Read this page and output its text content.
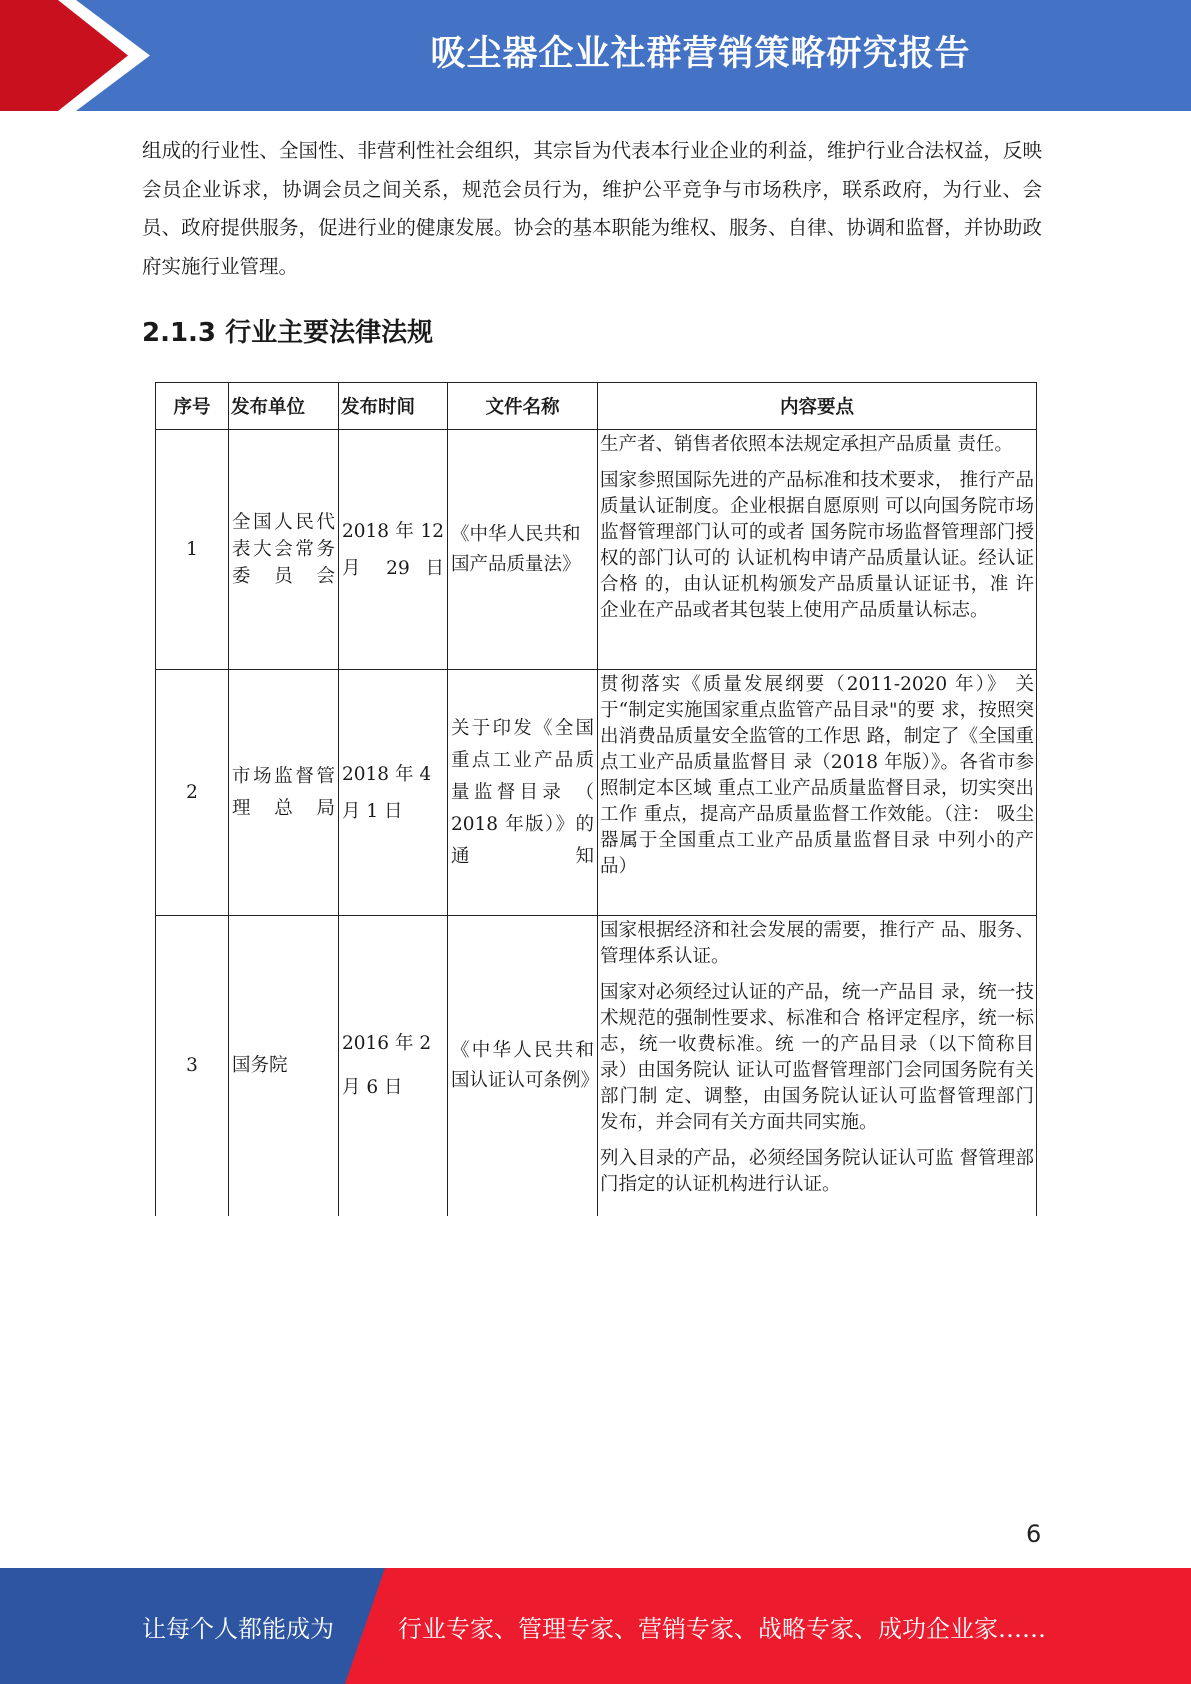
吸尘器企业社群营销策略研究报告

组成的行业性、全国性、非营利性社会组织，其宗旨为代表本行业企业的利益，维护行业合法权益，反映会员企业诉求，协调会员之间关系，规范会员行为，维护公平竞争与市场秩序，联系政府，为行业、会员、政府提供服务，促进行业的健康发展。协会的基本职能为维权、服务、自律、协调和监督，并协助政府实施行业管理。

2.1.3 行业主要法律法规
序号	发布单位	发布时间	文件名称	内容要点
1	全国人民代表大会常务委员会	2018 年 12 月 29 日	《中华人民共和国产品质量法》	生产者、销售者依照本法规定承担产品质量 责任。

国家参照国际先进的产品标准和技术要求， 推行产品质量认证制度。企业根据自愿原则 可以向国务院市场监督管理部门认可的或者 国务院市场监督管理部门授权的部门认可的 认证机构申请产品质量认证。经认证合格 的，由认证机构颁发产品质量认证证书，准 许企业在产品或者其包装上使用产品质量认标志。

2	市场监督管理总局	2018 年 4 月 1 日	关于印发《全国重点工业产品质量监督目录 （ 2018 年版）》的通知	贯彻落实《质量发展纲要（2011-2020 年）》 关于“制定实施国家重点监管产品目录"的要 求，按照突出消费品质量安全监管的工作思 路，制定了《全国重点工业产品质量监督目 录（2018 年版）》。各省市参照制定本区域 重点工业产品质量监督目录，切实突出工作 重点，提高产品质量监督工作效能。（注： 吸尘器属于全国重点工业产品质量监督目录 中列小的产品）

3	国务院	2016 年 2 月 6 日	《中华人民共和国认证认可条例》	国家根据经济和社会发展的需要，推行产 品、服务、管理体系认证。

国家对必须经过认证的产品，统一产品目 录，统一技术规范的强制性要求、标准和合 格评定程序，统一标志，统一收费标准。统 一的产品目录（以下简称目录）由国务院认 证认可监督管理部门会同国务院有关部门制 定、调整，由国务院认证认可监督管理部门 发布，并会同有关方面共同实施。

列入目录的产品，必须经国务院认证认可监 督管理部门指定的认证机构进行认证。

6
让每个人都能成为	行业专家、管理专家、营销专家、战略专家、成功企业家……
